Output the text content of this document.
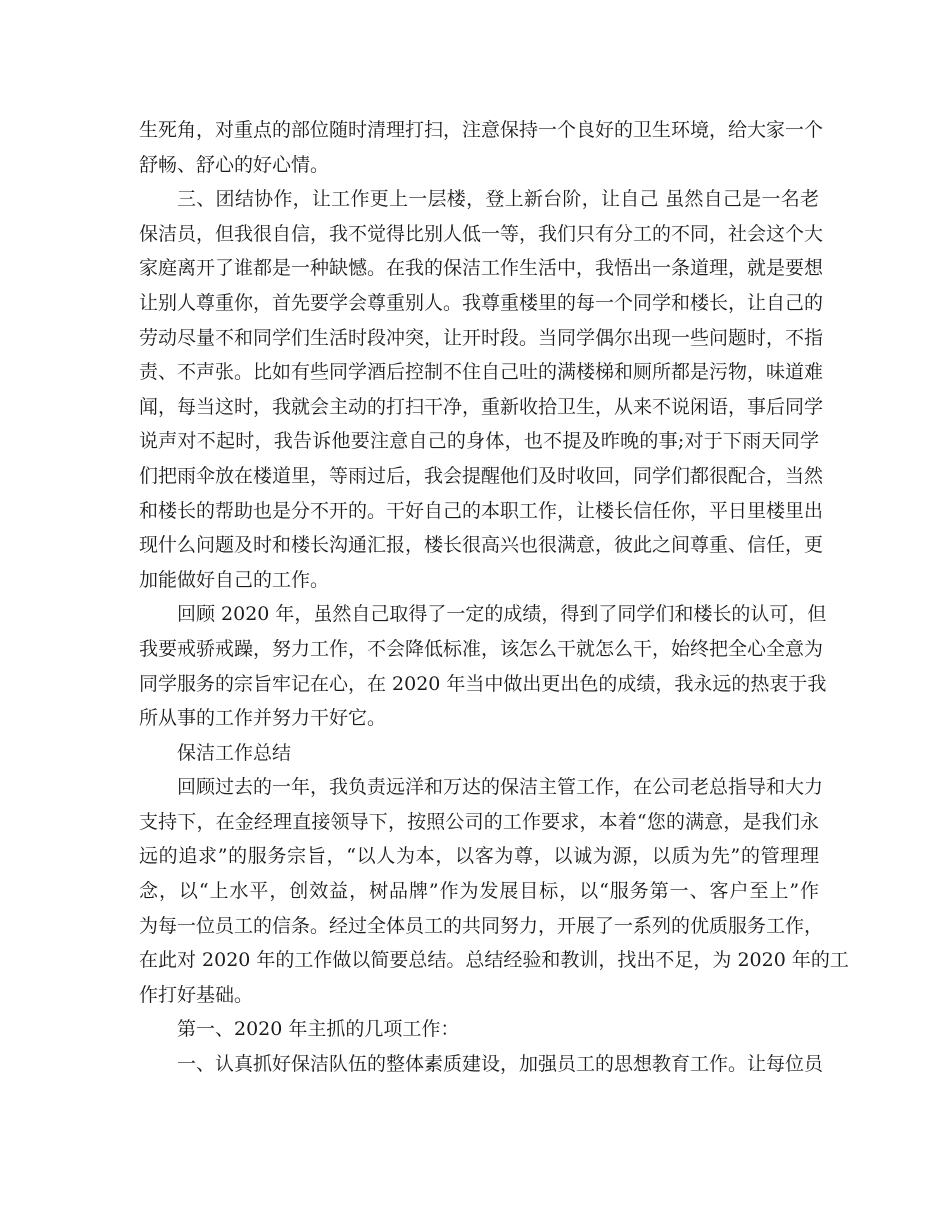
生死角，对重点的部位随时清理打扫，注意保持一个良好的卫生环境，给大家一个
舒畅、舒心的好心情。
三、团结协作，让工作更上一层楼，登上新台阶，让自己 虽然自己是一名老
保洁员，但我很自信，我不觉得比别人低一等，我们只有分工的不同，社会这个大
家庭离开了谁都是一种缺憾。在我的保洁工作生活中，我悟出一条道理，就是要想
让别人尊重你，首先要学会尊重别人。我尊重楼里的每一个同学和楼长，让自己的
劳动尽量不和同学们生活时段冲突，让开时段。当同学偶尔出现一些问题时，不指
责、不声张。比如有些同学酒后控制不住自己吐的满楼梯和厕所都是污物，味道难
闻，每当这时，我就会主动的打扫干净，重新收拾卫生，从来不说闲语，事后同学
说声对不起时，我告诉他要注意自己的身体，也不提及昨晚的事;对于下雨天同学
们把雨伞放在楼道里，等雨过后，我会提醒他们及时收回，同学们都很配合，当然
和楼长的帮助也是分不开的。干好自己的本职工作，让楼长信任你，平日里楼里出
现什么问题及时和楼长沟通汇报，楼长很高兴也很满意，彼此之间尊重、信任，更
加能做好自己的工作。
回顾 2020 年，虽然自己取得了一定的成绩，得到了同学们和楼长的认可，但
我要戒骄戒躁，努力工作，不会降低标准，该怎么干就怎么干，始终把全心全意为
同学服务的宗旨牢记在心，在 2020 年当中做出更出色的成绩，我永远的热衷于我
所从事的工作并努力干好它。
保洁工作总结
回顾过去的一年，我负责远洋和万达的保洁主管工作，在公司老总指导和大力
支持下，在金经理直接领导下，按照公司的工作要求，本着“您的满意，是我们永
远的追求”的服务宗旨，“以人为本，以客为尊，以诚为源，以质为先”的管理理
念，以“上水平，创效益，树品牌”作为发展目标，以“服务第一、客户至上”作
为每一位员工的信条。经过全体员工的共同努力，开展了一系列的优质服务工作，
在此对 2020 年的工作做以简要总结。总结经验和教训，找出不足，为 2020 年的工
作打好基础。
第一、2020 年主抓的几项工作：
一、认真抓好保洁队伍的整体素质建设，加强员工的思想教育工作。让每位员
